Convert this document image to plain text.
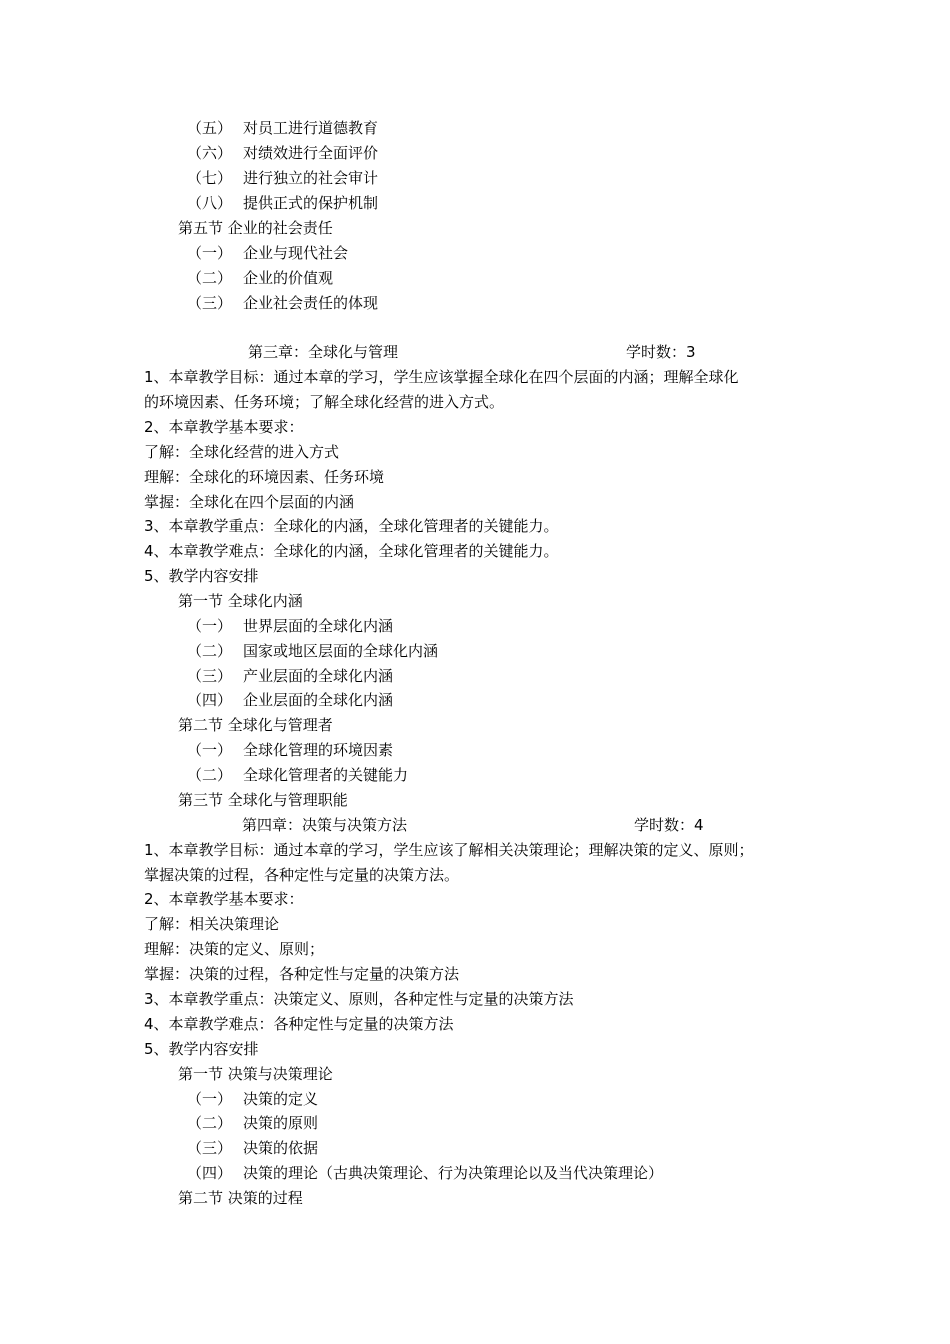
（五） 对员工进行道德教育
（六） 对绩效进行全面评价
（七） 进行独立的社会审计
（八） 提供正式的保护机制
第五节 企业的社会责任
（一） 企业与现代社会
（二） 企业的价值观
（三） 企业社会责任的体现
第三章：全球化与管理	学时数：3
1、本章教学目标：通过本章的学习，学生应该掌握全球化在四个层面的内涵；理解全球化
的环境因素、任务环境；了解全球化经营的进入方式。
2、本章教学基本要求：
了解：全球化经营的进入方式
理解：全球化的环境因素、任务环境
掌握：全球化在四个层面的内涵
3、本章教学重点：全球化的内涵，全球化管理者的关键能力。
4、本章教学难点：全球化的内涵，全球化管理者的关键能力。
5、教学内容安排
第一节 全球化内涵
（一） 世界层面的全球化内涵
（二） 国家或地区层面的全球化内涵
（三） 产业层面的全球化内涵
（四） 企业层面的全球化内涵
第二节 全球化与管理者
（一） 全球化管理的环境因素
（二） 全球化管理者的关键能力
第三节 全球化与管理职能
第四章：决策与决策方法	学时数：4
1、本章教学目标：通过本章的学习，学生应该了解相关决策理论；理解决策的定义、原则；
掌握决策的过程，各种定性与定量的决策方法。
2、本章教学基本要求：
了解：相关决策理论
理解：决策的定义、原则；
掌握：决策的过程，各种定性与定量的决策方法
3、本章教学重点：决策定义、原则，各种定性与定量的决策方法
4、本章教学难点：各种定性与定量的决策方法
5、教学内容安排
第一节 决策与决策理论
（一） 决策的定义
（二） 决策的原则
（三） 决策的依据
（四） 决策的理论（古典决策理论、行为决策理论以及当代决策理论）
第二节 决策的过程
